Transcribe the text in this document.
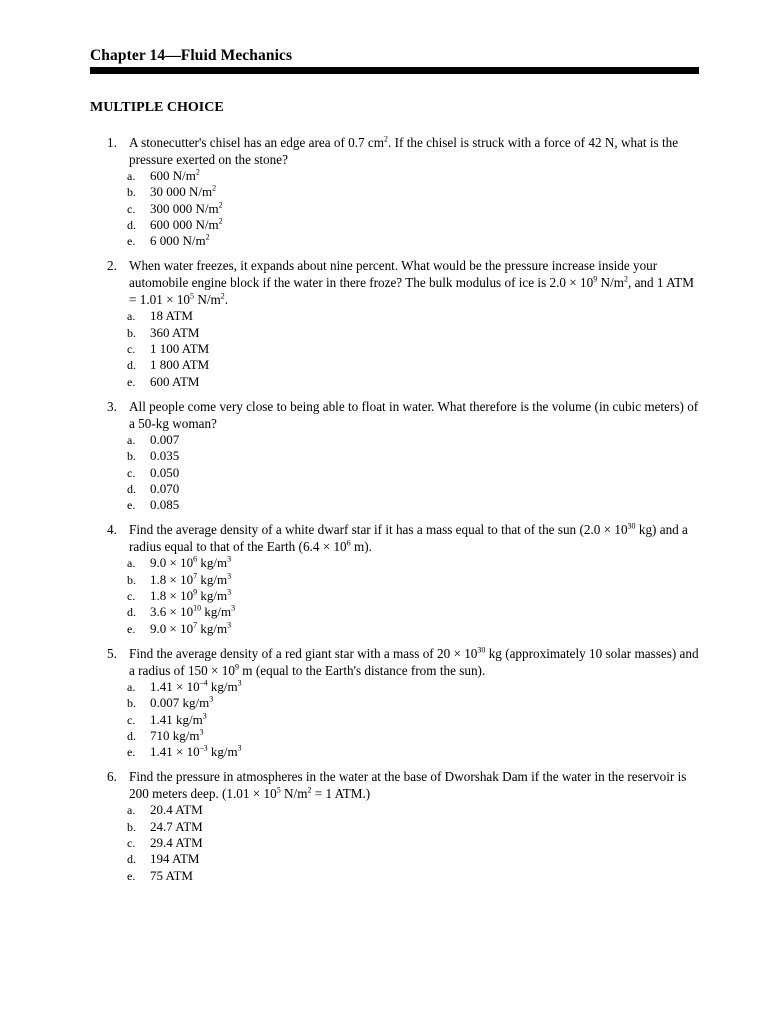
Chapter 14—Fluid Mechanics
MULTIPLE CHOICE
1. A stonecutter's chisel has an edge area of 0.7 $cm^2$. If the chisel is struck with a force of 42 N, what is the pressure exerted on the stone?
a. 600 $N/m^2$
b. 30 000 $N/m^2$
c. 300 000 $N/m^2$
d. 600 000 $N/m^2$
e. 6 000 $N/m^2$
2. When water freezes, it expands about nine percent. What would be the pressure increase inside your automobile engine block if the water in there froze? The bulk modulus of ice is $2.0 \times 10^9$ $N/m^2$, and 1 ATM = $1.01 \times 10^5$ $N/m^2$.
a. 18 ATM
b. 360 ATM
c. 1 100 ATM
d. 1 800 ATM
e. 600 ATM
3. All people come very close to being able to float in water. What therefore is the volume (in cubic meters) of a 50-kg woman?
a. 0.007
b. 0.035
c. 0.050
d. 0.070
e. 0.085
4. Find the average density of a white dwarf star if it has a mass equal to that of the sun ($2.0 \times 10^{30}$ kg) and a radius equal to that of the Earth ($6.4 \times 10^6$ m).
a. $9.0 \times 10^6$ $kg/m^3$
b. $1.8 \times 10^7$ $kg/m^3$
c. $1.8 \times 10^9$ $kg/m^3$
d. $3.6 \times 10^{10}$ $kg/m^3$
e. $9.0 \times 10^7$ $kg/m^3$
5. Find the average density of a red giant star with a mass of $20 \times 10^{30}$ kg (approximately 10 solar masses) and a radius of $150 \times 10^9$ m (equal to the Earth's distance from the sun).
a. $1.41 \times 10^{-4}$ $kg/m^3$
b. 0.007 $kg/m^3$
c. 1.41 $kg/m^3$
d. 710 $kg/m^3$
e. $1.41 \times 10^{-3}$ $kg/m^3$
6. Find the pressure in atmospheres in the water at the base of Dworshak Dam if the water in the reservoir is 200 meters deep. ($1.01 \times 10^5$ $N/m^2 = 1$ ATM.)
a. 20.4 ATM
b. 24.7 ATM
c. 29.4 ATM
d. 194 ATM
e. 75 ATM
